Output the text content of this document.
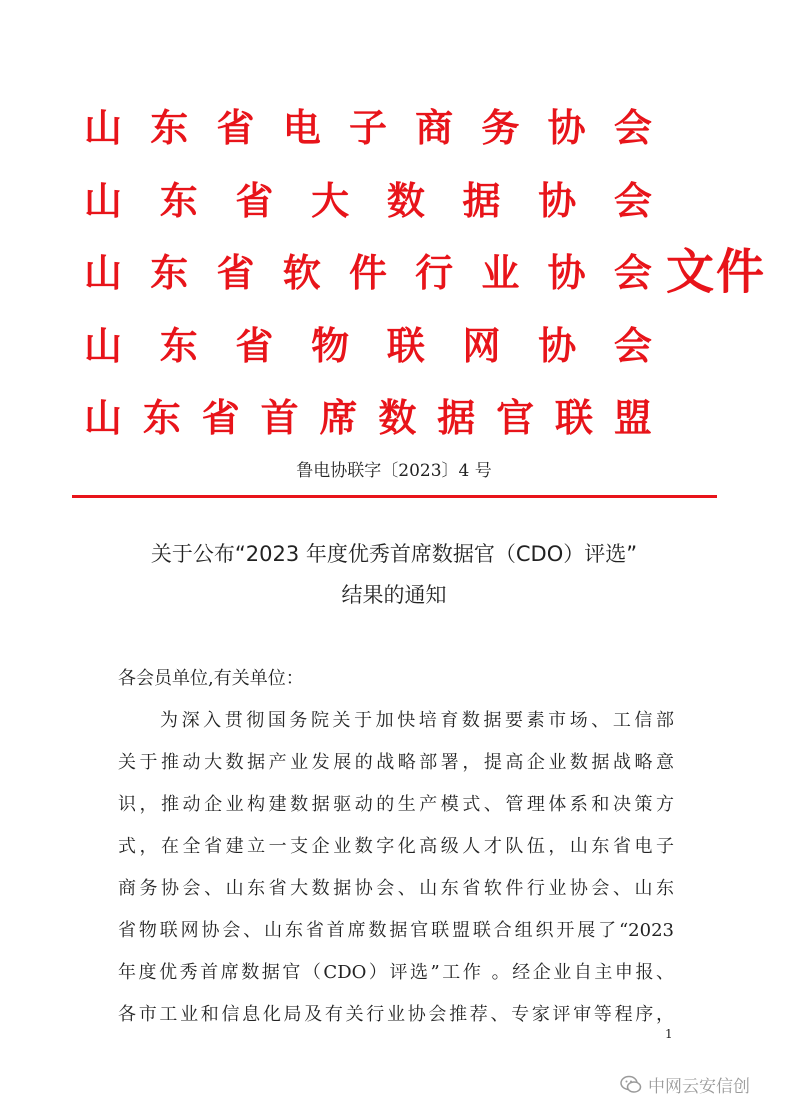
山 东 省 电 子 商 务 协 会
山 东 省 大 数 据 协 会
山 东 省 软 件 行 业 协 会
山 东 省 物 联 网 协 会
山 东 省 首 席 数 据 官 联 盟
文件
鲁电协联字〔2023〕4 号
关于公布“2023 年度优秀首席数据官（CDO）评选”
结果的通知
各会员单位,有关单位：
为深入贯彻国务院关于加快培育数据要素市场、工信部
关于推动大数据产业发展的战略部署，提高企业数据战略意
识，推动企业构建数据驱动的生产模式、管理体系和决策方
式，在全省建立一支企业数字化高级人才队伍，山东省电子
商务协会、山东省大数据协会、山东省软件行业协会、山东
省物联网协会、山东省首席数据官联盟联合组织开展了“2023
年度优秀首席数据官（CDO）评选”工作 。经企业自主申报、
各市工业和信息化局及有关行业协会推荐、专家评审等程序，
1
中网云安信创
